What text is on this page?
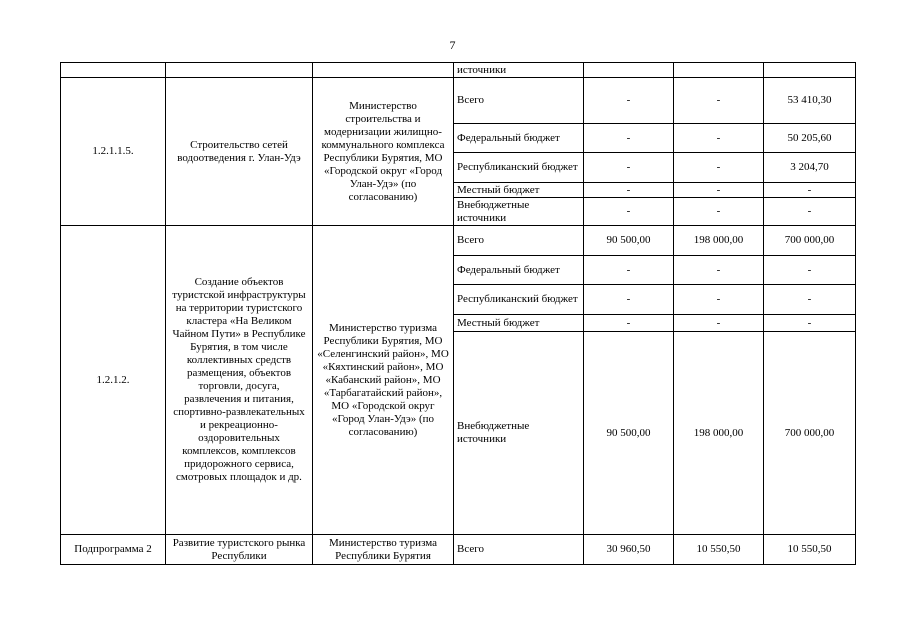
7
			источники			
1.2.1.1.5.	Строительство сетей водоотведения г. Улан-Удэ	Министерство строительства и модернизации жилищно-коммунального комплекса Республики Бурятия, МО «Городской округ «Город Улан-Удэ» (по согласованию)	Всего	-	-	53 410,30
			Федеральный бюджет	-	-	50 205,60
			Республиканский бюджет	-	-	3 204,70
			Местный бюджет	-	-	-
			Внебюджетные источники	-	-	-
1.2.1.2.	Создание объектов туристской инфраструктуры на территории туристского кластера «На Великом Чайном Пути» в Республике Бурятия, в том числе коллективных средств размещения, объектов торговли, досуга, развлечения и питания, спортивно-развлекательных и рекреационно-оздоровительных комплексов, комплексов придорожного сервиса, смотровых площадок и др.	Министерство туризма Республики Бурятия, МО «Селенгинский район», МО «Кяхтинский район», МО «Кабанский район», МО «Тарбагатайский район», МО «Городской округ «Город Улан-Удэ» (по согласованию)	Всего	90 500,00	198 000,00	700 000,00
			Федеральный бюджет	-	-	-
			Республиканский бюджет	-	-	-
			Местный бюджет	-	-	-
			Внебюджетные источники	90 500,00	198 000,00	700 000,00
Подпрограмма 2	Развитие туристского рынка Республики	Министерство туризма Республики Бурятия	Всего	30 960,50	10 550,50	10 550,50
